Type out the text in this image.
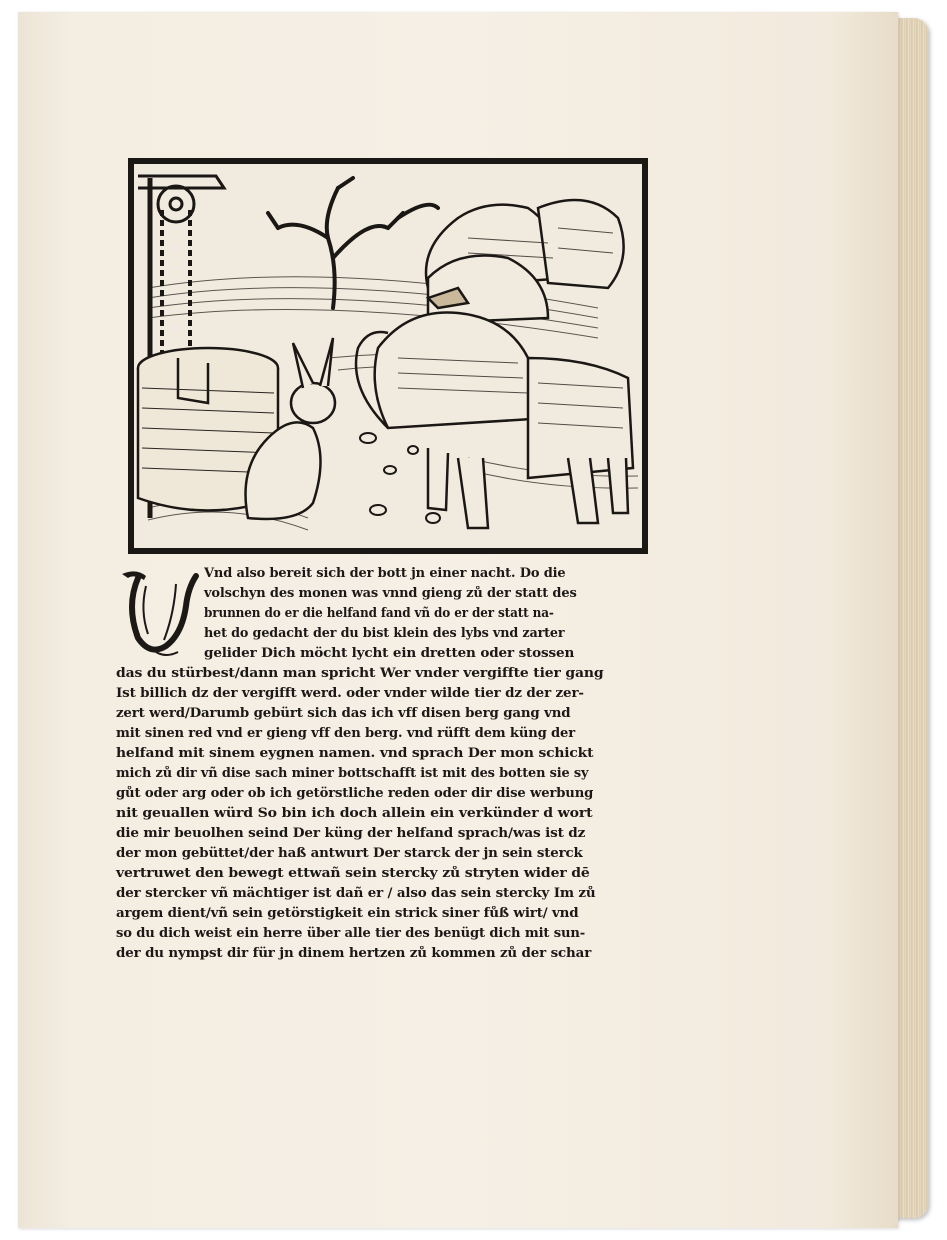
Vnd also bereit sich der bott jn einer nacht. Do die
volschyn des monen was vnnd gieng zů der statt des
brunnen do er die helfand fand vñ do er der statt na-
het do gedacht der du bist klein des lybs vnd zarter
gelider Dich möcht lycht ein dretten oder stossen
das du stürbest/dann man spricht Wer vnder vergiffte tier gang
Ist billich dz der vergifft werd. oder vnder wilde tier dz der zer-
zert werd/Darumb gebürt sich das ich vff disen berg gang vnd
mit sinen red vnd er gieng vff den berg. vnd rüfft dem küng der
helfand mit sinem eygnen namen. vnd sprach Der mon schickt
mich zů dir vñ dise sach miner bottschafft ist mit des botten sie sy
gůt oder arg oder ob ich getörstliche reden oder dir dise werbung
nit geuallen würd So bin ich doch allein ein verkünder d wort
die mir beuolhen seind Der küng der helfand sprach/was ist dz
der mon gebüttet/der haß antwurt Der starck der jn sein sterck
vertruwet den bewegt ettwañ sein stercky zů stryten wider dē
der stercker vñ mächtiger ist dañ er / also das sein stercky Im zů
argem dient/vñ sein getörstigkeit ein strick siner fůß wirt/ vnd
so du dich weist ein herre über alle tier des benügt dich mit sun-
der du nympst dir für jn dinem hertzen zů kommen zů der schar
